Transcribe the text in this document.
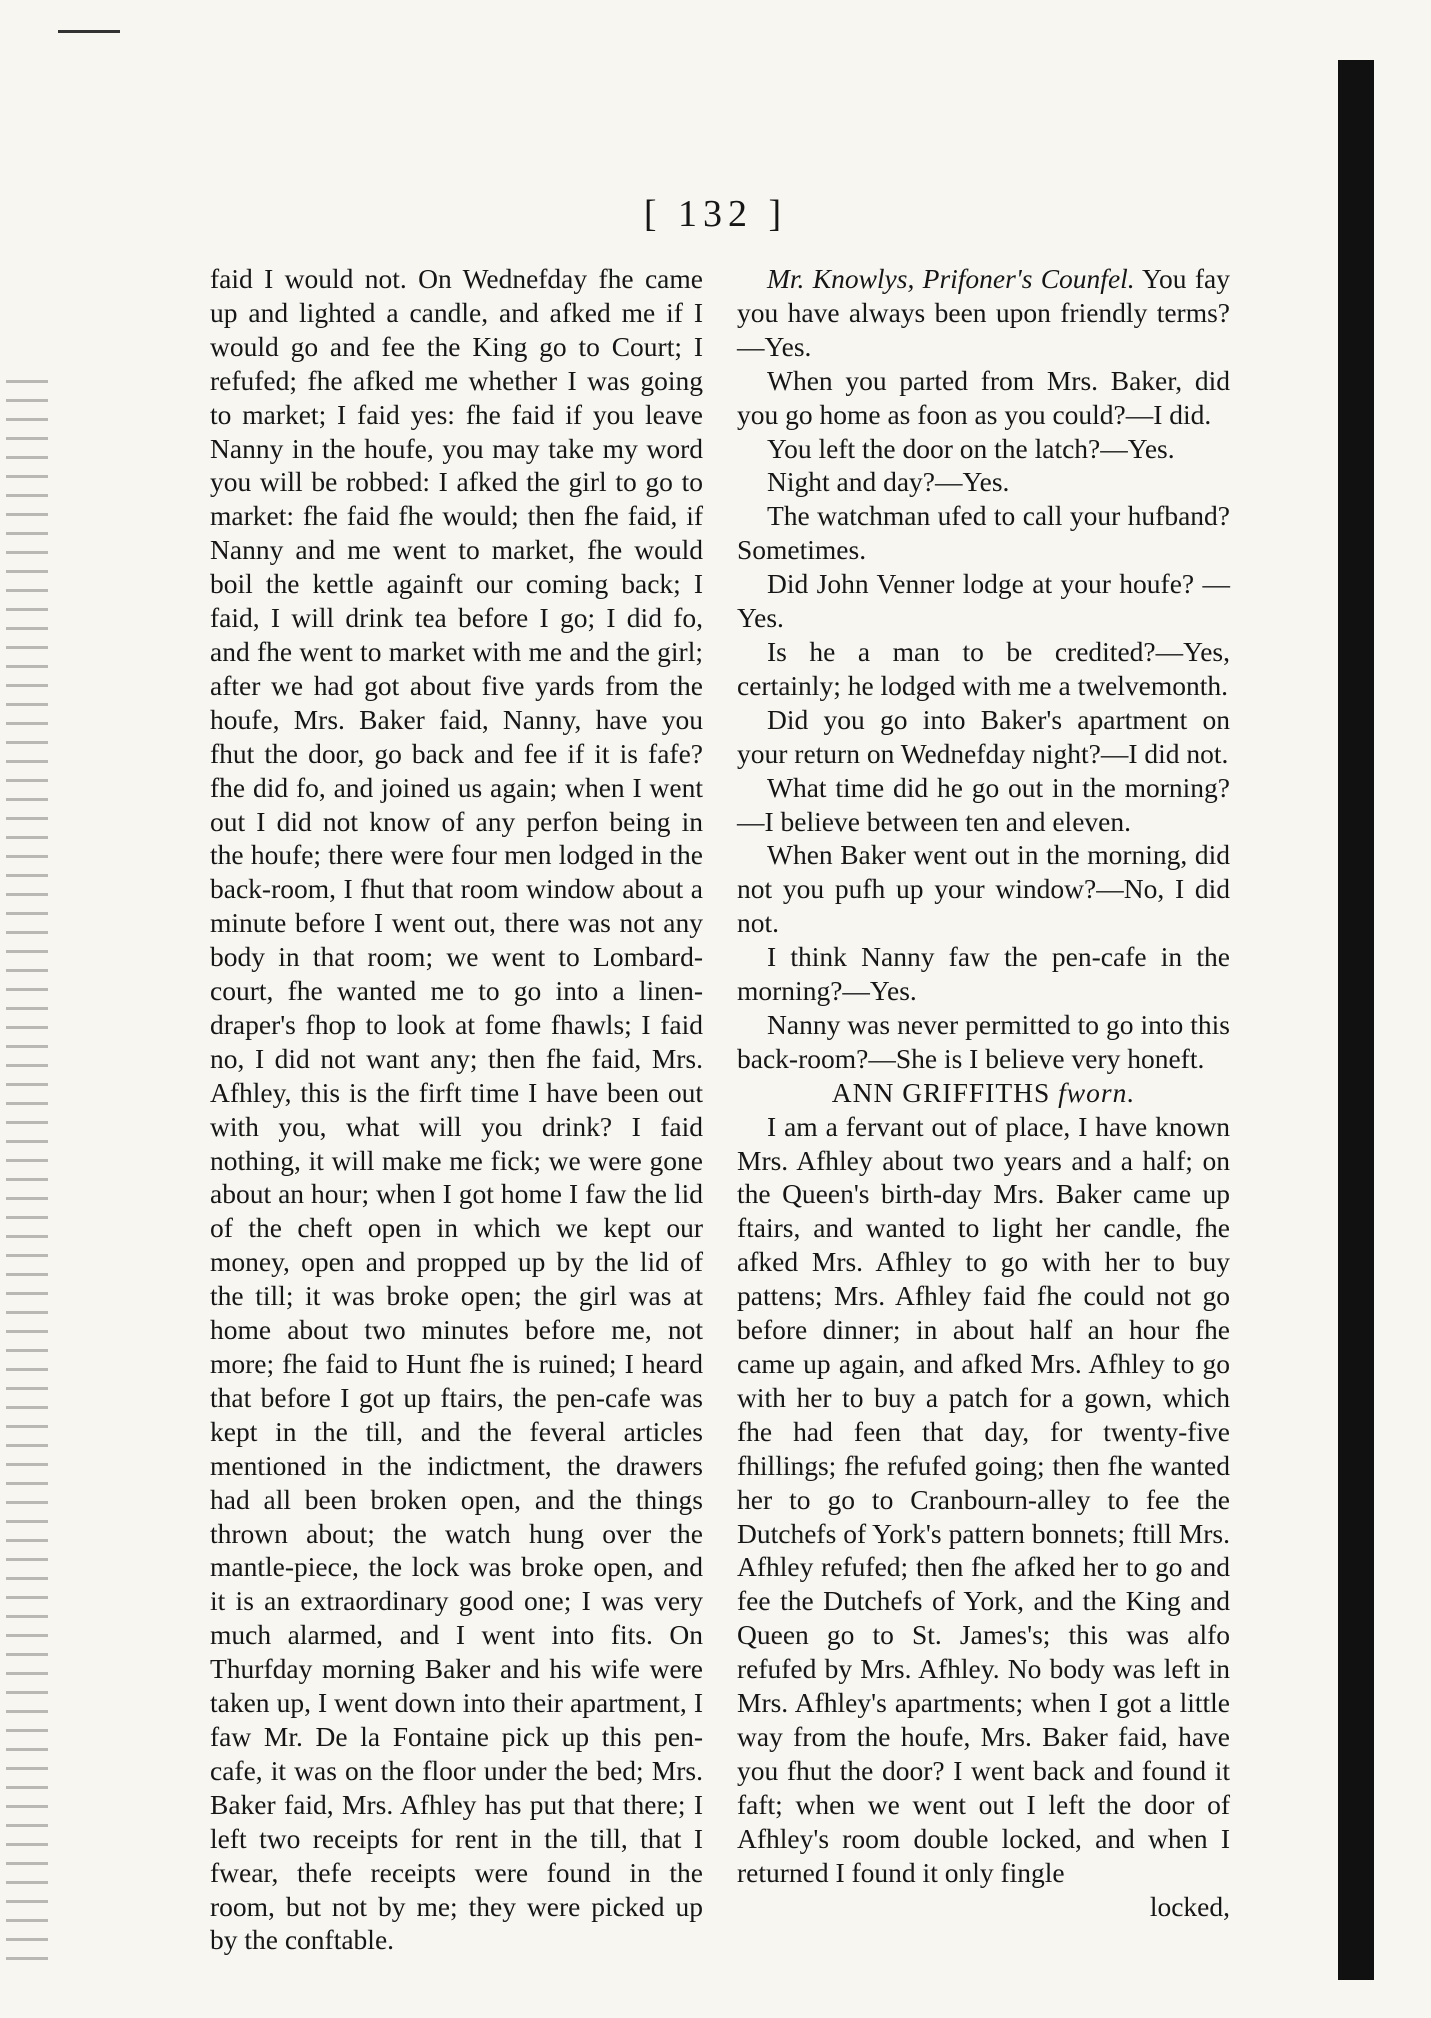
[ 132 ]

faid I would not. On Wednefday fhe came up and lighted a candle, and afked me if I would go and fee the King go to Court; I refufed; fhe afked me whether I was going to market; I faid yes: fhe faid if you leave Nanny in the houfe, you may take my word you will be robbed: I afked the girl to go to market: fhe faid fhe would; then fhe faid, if Nanny and me went to market, fhe would boil the kettle againft our coming back; I faid, I will drink tea before I go; I did fo, and fhe went to market with me and the girl; after we had got about five yards from the houfe, Mrs. Baker faid, Nanny, have you fhut the door, go back and fee if it is fafe? fhe did fo, and joined us again; when I went out I did not know of any perfon being in the houfe; there were four men lodged in the back-room, I fhut that room window about a minute before I went out, there was not any body in that room; we went to Lombard-court, fhe wanted me to go into a linen-draper's fhop to look at fome fhawls; I faid no, I did not want any; then fhe faid, Mrs. Afhley, this is the firft time I have been out with you, what will you drink? I faid nothing, it will make me fick; we were gone about an hour; when I got home I faw the lid of the cheft open in which we kept our money, open and propped up by the lid of the till; it was broke open; the girl was at home about two minutes before me, not more; fhe faid to Hunt fhe is ruined; I heard that before I got up ftairs, the pen-cafe was kept in the till, and the feveral articles mentioned in the indictment, the drawers had all been broken open, and the things thrown about; the watch hung over the mantle-piece, the lock was broke open, and it is an extraordinary good one; I was very much alarmed, and I went into fits. On Thurfday morning Baker and his wife were taken up, I went down into their apartment, I faw Mr. De la Fontaine pick up this pen-cafe, it was on the floor under the bed; Mrs. Baker faid, Mrs. Afhley has put that there; I left two receipts for rent in the till, that I fwear, thefe receipts were found in the room, but not by me; they were picked up by the conftable.

Mr. Knowlys, Prifoner's Counfel. You fay you have always been upon friendly terms?—Yes.

When you parted from Mrs. Baker, did you go home as foon as you could?—I did.

You left the door on the latch?—Yes.

Night and day?—Yes.

The watchman ufed to call your hufband? Sometimes.

Did John Venner lodge at your houfe? —Yes.

Is he a man to be credited?—Yes, certainly; he lodged with me a twelvemonth.

Did you go into Baker's apartment on your return on Wednefday night?—I did not.

What time did he go out in the morning? —I believe between ten and eleven.

When Baker went out in the morning, did not you pufh up your window?—No, I did not.

I think Nanny faw the pen-cafe in the morning?—Yes.

Nanny was never permitted to go into this back-room?—She is I believe very honeft.

ANN GRIFFITHS fworn.

I am a fervant out of place, I have known Mrs. Afhley about two years and a half; on the Queen's birth-day Mrs. Baker came up ftairs, and wanted to light her candle, fhe afked Mrs. Afhley to go with her to buy pattens; Mrs. Afhley faid fhe could not go before dinner; in about half an hour fhe came up again, and afked Mrs. Afhley to go with her to buy a patch for a gown, which fhe had feen that day, for twenty-five fhillings; fhe refufed going; then fhe wanted her to go to Cranbourn-alley to fee the Dutchefs of York's pattern bonnets; ftill Mrs. Afhley refufed; then fhe afked her to go and fee the Dutchefs of York, and the King and Queen go to St. James's; this was alfo refufed by Mrs. Afhley. No body was left in Mrs. Afhley's apartments; when I got a little way from the houfe, Mrs. Baker faid, have you fhut the door? I went back and found it faft; when we went out I left the door of Afhley's room double locked, and when I returned I found it only fingle

locked,
